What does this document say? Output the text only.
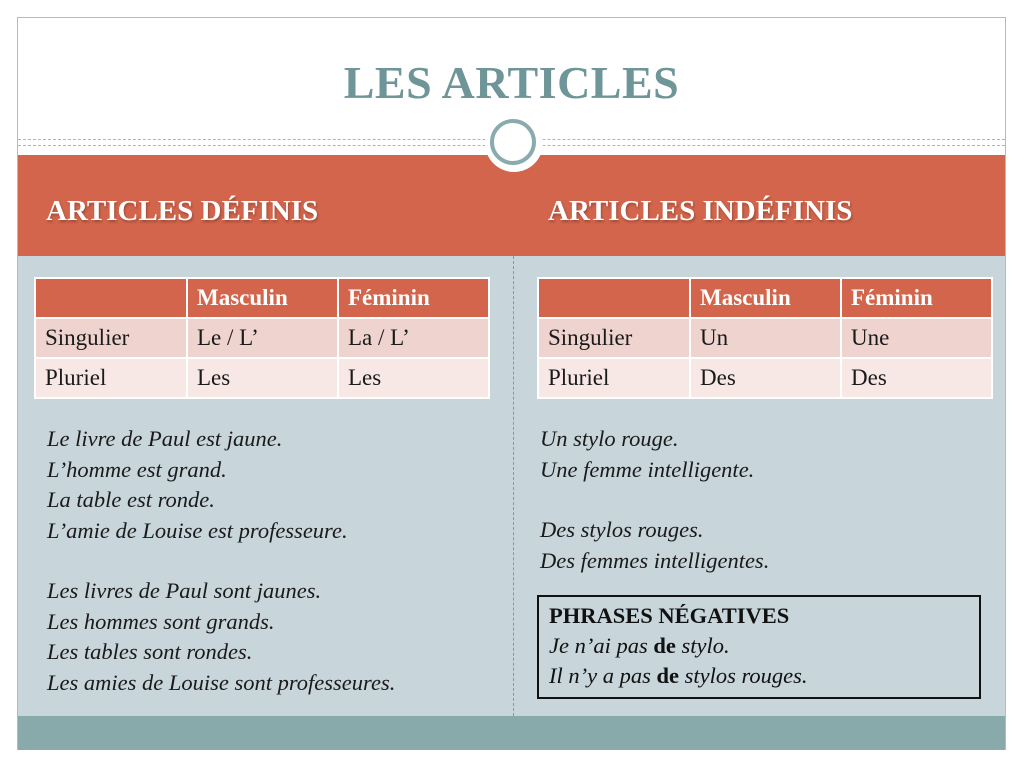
LES ARTICLES
ARTICLES DÉFINIS	ARTICLES INDÉFINIS
	Masculin	Féminin
Singulier	Le / L’	La / L’
Pluriel	Les	Les
	Masculin	Féminin
Singulier	Un	Une
Pluriel	Des	Des
Le livre de Paul est jaune.
L’homme est grand.
La table est ronde.
L’amie de Louise est professeure.
Les livres de Paul sont jaunes.
Les hommes sont grands.
Les tables sont rondes.
Les amies de Louise sont professeures.
Un stylo rouge.
Une femme intelligente.
Des stylos rouges.
Des femmes intelligentes.
PHRASES NÉGATIVES
Je n’ai pas de stylo.
Il n’y a pas de stylos rouges.
